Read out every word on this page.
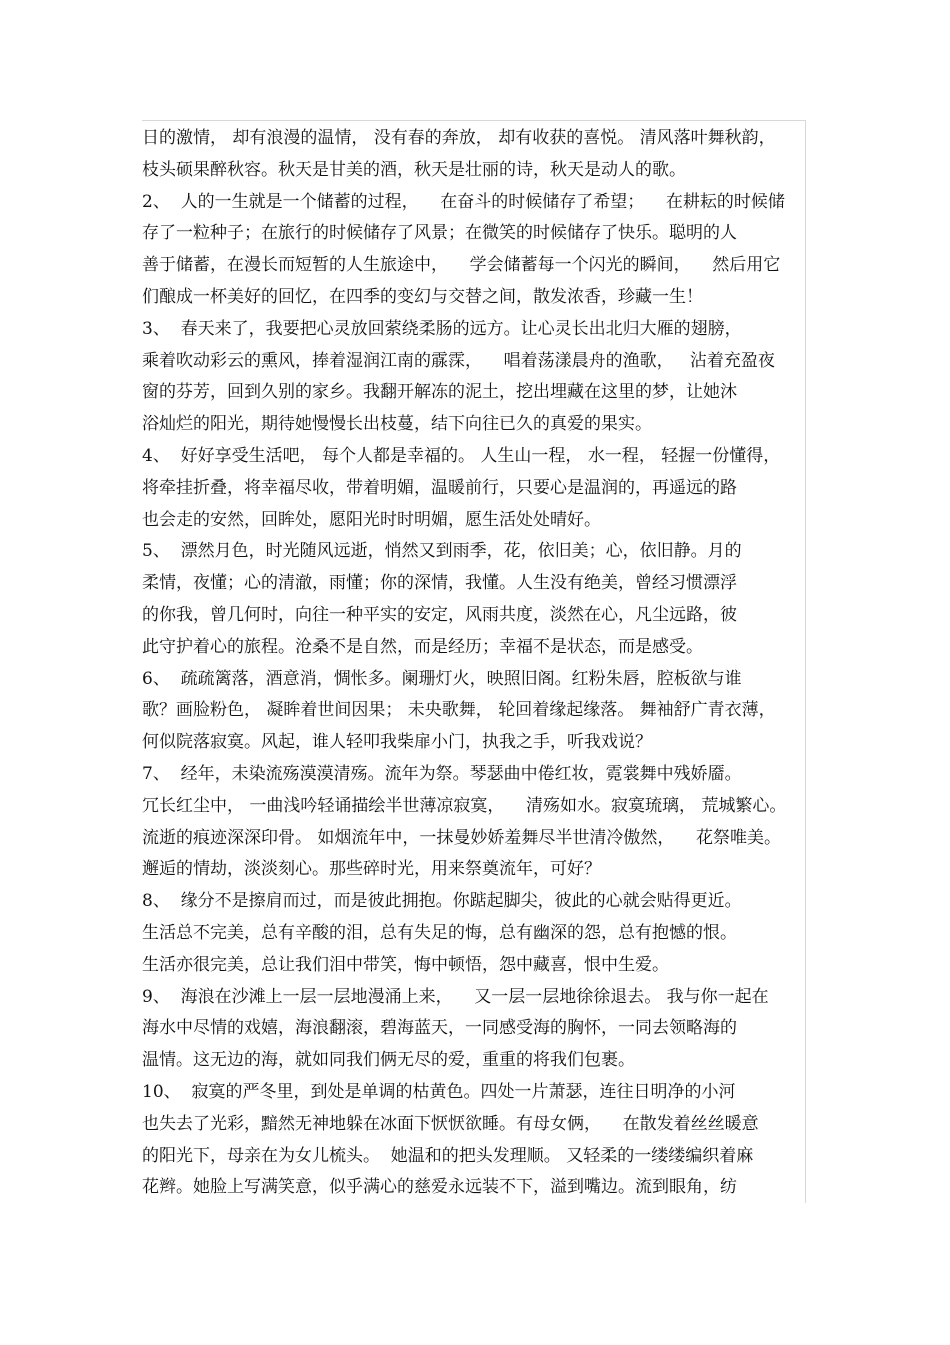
日的激情， 却有浪漫的温情， 没有春的奔放， 却有收获的喜悦。 清风落叶舞秋韵，
枝头硕果醉秋容。秋天是甘美的酒，秋天是壮丽的诗，秋天是动人的歌。
2、  人的一生就是一个储蓄的过程，    在奋斗的时候储存了希望；    在耕耘的时候储
存了一粒种子；在旅行的时候储存了风景；在微笑的时候储存了快乐。聪明的人
善于储蓄，在漫长而短暂的人生旅途中，    学会储蓄每一个闪光的瞬间，    然后用它
们酿成一杯美好的回忆，在四季的变幻与交替之间，散发浓香，珍藏一生！
3、  春天来了，我要把心灵放回萦绕柔肠的远方。让心灵长出北归大雁的翅膀，
乘着吹动彩云的熏风，捧着湿润江南的霡霂，    唱着荡漾晨舟的渔歌，   沾着充盈夜
窗的芬芳，回到久别的家乡。我翻开解冻的泥土，挖出埋藏在这里的梦，让她沐
浴灿烂的阳光，期待她慢慢长出枝蔓，结下向往已久的真爱的果实。
4、  好好享受生活吧， 每个人都是幸福的。 人生山一程， 水一程， 轻握一份懂得，
将牵挂折叠，将幸福尽收，带着明媚，温暖前行，只要心是温润的，再遥远的路
也会走的安然，回眸处，愿阳光时时明媚，愿生活处处晴好。
5、  漂然月色，时光随风远逝，悄然又到雨季，花，依旧美；心，依旧静。月的
柔情，夜懂；心的清澈，雨懂；你的深情，我懂。人生没有绝美，曾经习惯漂浮
的你我，曾几何时，向往一种平实的安定，风雨共度，淡然在心，凡尘远路，彼
此守护着心的旅程。沧桑不是自然，而是经历；幸福不是状态，而是感受。
6、  疏疏篱落，酒意消，惆怅多。阑珊灯火，映照旧阁。红粉朱唇，腔板欲与谁
歌？画脸粉色， 凝眸着世间因果； 未央歌舞， 轮回着缘起缘落。 舞袖舒广青衣薄，
何似院落寂寞。风起，谁人轻叩我柴扉小门，执我之手，听我戏说？
7、  经年，未染流殇漠漠清殇。流年为祭。琴瑟曲中倦红妆，霓裳舞中残娇靥。
冗长红尘中， 一曲浅吟轻诵描绘半世薄凉寂寞，    清殇如水。寂寞琉璃， 荒城繁心。
流逝的痕迹深深印骨。 如烟流年中，一抹曼妙娇羞舞尽半世清冷傲然，    花祭唯美。
邂逅的情劫，淡淡刻心。那些碎时光，用来祭奠流年，可好？
8、  缘分不是擦肩而过，而是彼此拥抱。你踮起脚尖，彼此的心就会贴得更近。
生活总不完美，总有辛酸的泪，总有失足的悔，总有幽深的怨，总有抱憾的恨。
生活亦很完美，总让我们泪中带笑，悔中顿悟，怨中藏喜，恨中生爱。
9、  海浪在沙滩上一层一层地漫涌上来，    又一层一层地徐徐退去。 我与你一起在
海水中尽情的戏嬉，海浪翻滚，碧海蓝天，一同感受海的胸怀，一同去领略海的
温情。这无边的海，就如同我们俩无尽的爱，重重的将我们包裹。
10、  寂寞的严冬里，到处是单调的枯黄色。四处一片萧瑟，连往日明净的小河
也失去了光彩，黯然无神地躲在冰面下恹恹欲睡。有母女俩，    在散发着丝丝暖意
的阳光下，母亲在为女儿梳头。  她温和的把头发理顺。 又轻柔的一缕缕编织着麻
花辫。她脸上写满笑意，似乎满心的慈爱永远装不下，溢到嘴边。流到眼角，纺
